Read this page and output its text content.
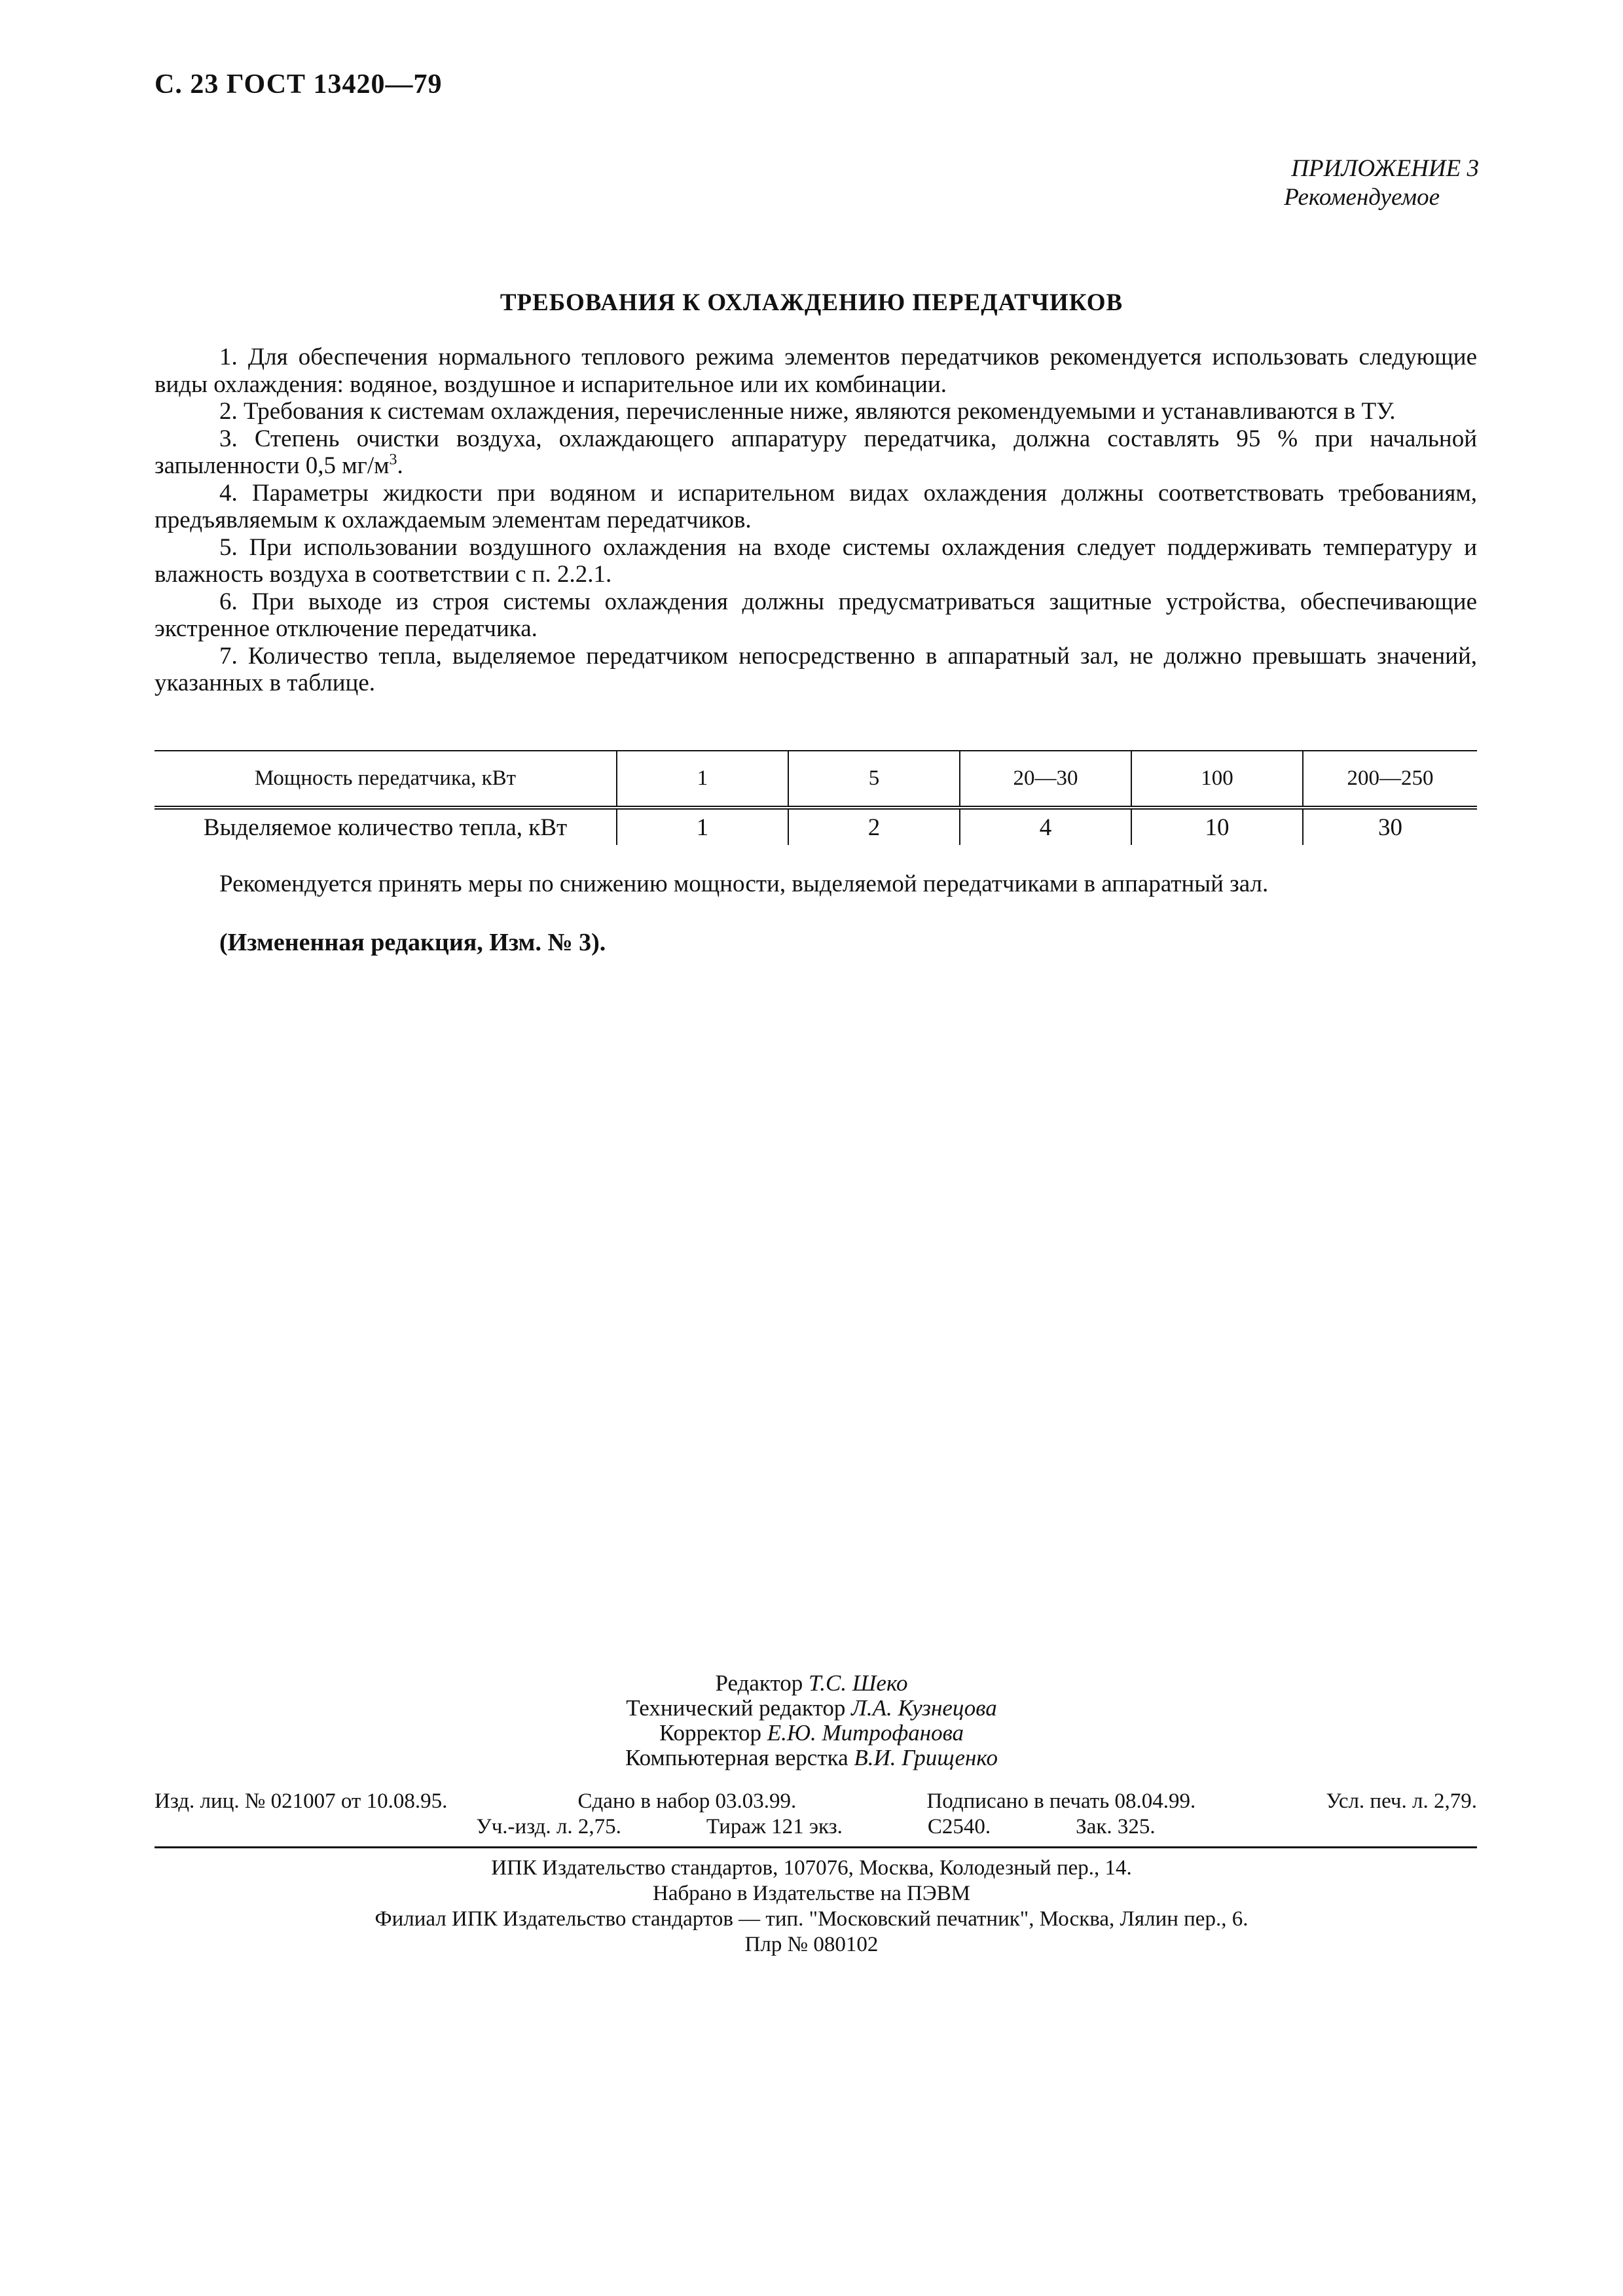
С. 23 ГОСТ 13420—79
ПРИЛОЖЕНИЕ 3
Рекомендуемое
ТРЕБОВАНИЯ К ОХЛАЖДЕНИЮ ПЕРЕДАТЧИКОВ

1. Для обеспечения нормального теплового режима элементов передатчиков рекомендуется использовать следующие виды охлаждения: водяное, воздушное и испарительное или их комбинации.

2. Требования к системам охлаждения, перечисленные ниже, являются рекомендуемыми и устанавливаются в ТУ.

3. Степень очистки воздуха, охлаждающего аппаратуру передатчика, должна составлять 95 % при начальной запыленности 0,5 $мг/м^3$.

4. Параметры жидкости при водяном и испарительном видах охлаждения должны соответствовать требованиям, предъявляемым к охлаждаемым элементам передатчиков.

5. При использовании воздушного охлаждения на входе системы охлаждения следует поддерживать температуру и влажность воздуха в соответствии с п. 2.2.1.

6. При выходе из строя системы охлаждения должны предусматриваться защитные устройства, обеспечивающие экстренное отключение передатчика.

7. Количество тепла, выделяемое передатчиком непосредственно в аппаратный зал, не должно превышать значений, указанных в таблице.

Мощность передатчика, кВт	1	5	20—30	100	200—250
Выделяемое количество тепла, кВт	1	2	4	10	30
Рекомендуется принять меры по снижению мощности, выделяемой передатчиками в аппаратный зал.
(Измененная редакция, Изм. № 3).
Редактор Т.С. Шеко
Технический редактор Л.А. Кузнецова
Корректор Е.Ю. Митрофанова
Компьютерная верстка В.И. Грищенко
Изд. лиц. № 021007 от 10.08.95.	Сдано в набор 03.03.99.	Подписано в печать 08.04.99.	Усл. печ. л. 2,79.
Уч.-изд. л. 2,75.	Тираж 121 экз.	С2540.	Зак. 325.
ИПК Издательство стандартов, 107076, Москва, Колодезный пер., 14.
Набрано в Издательстве на ПЭВМ
Филиал ИПК Издательство стандартов — тип. "Московский печатник", Москва, Лялин пер., 6.
Плр № 080102
